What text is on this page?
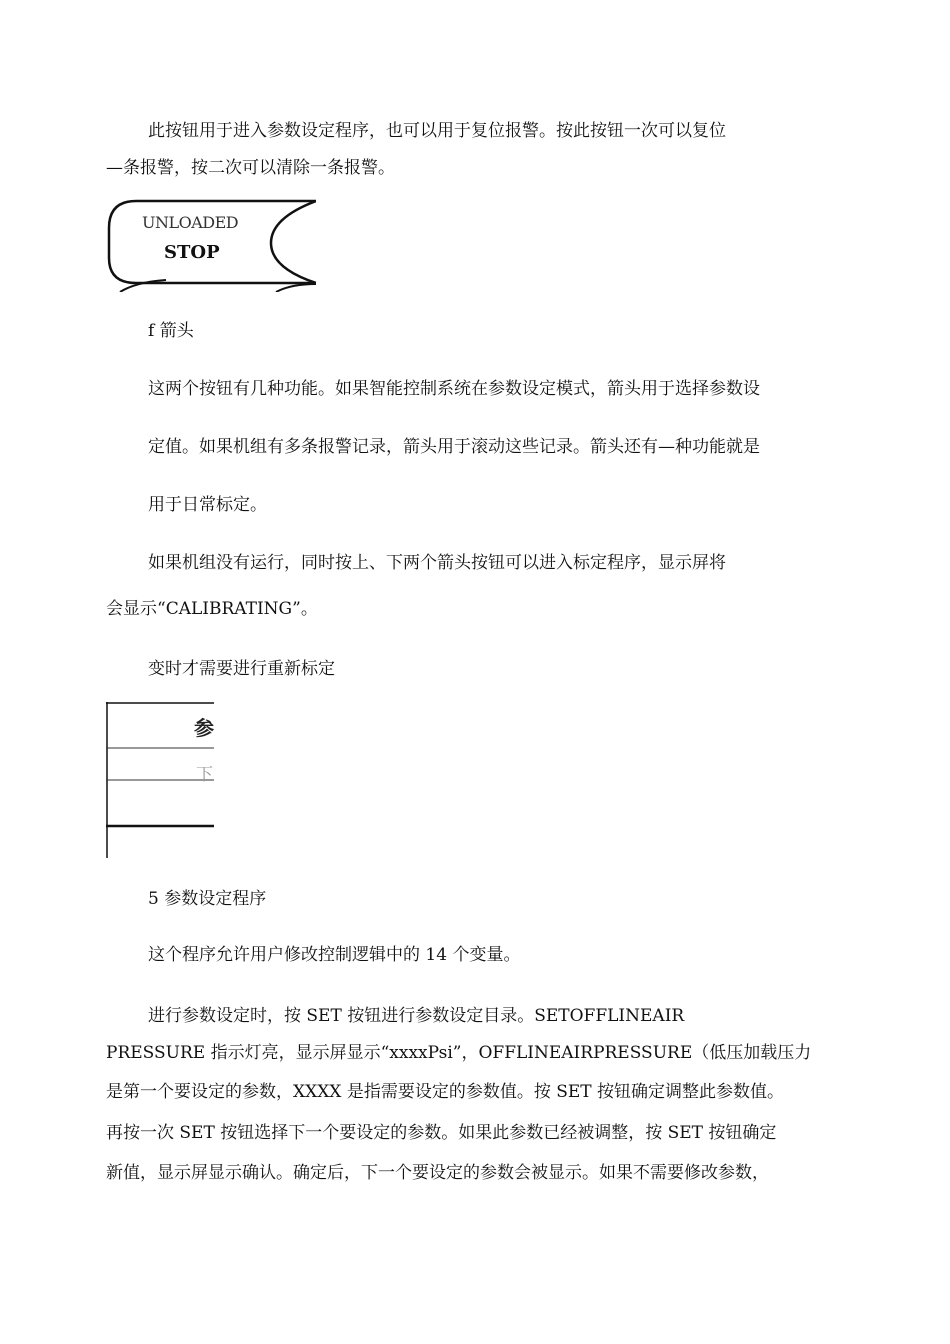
此按钮用于进入参数设定程序，也可以用于复位报警。按此按钮一次可以复位
—条报警，按二次可以清除一条报警。
UNLOADED
STOP
f 箭头
这两个按钮有几种功能。如果智能控制系统在参数设定模式，箭头用于选择参数设
定值。如果机组有多条报警记录，箭头用于滚动这些记录。箭头还有—种功能就是
用于日常标定。
如果机组没有运行，同时按上、下两个箭头按钮可以进入标定程序，显示屏将
会显示“CALIBRATING”。
变时才需要进行重新标定
参
下
5 参数设定程序
这个程序允许用户修改控制逻辑中的 14 个变量。
进行参数设定时，按 SET 按钮进行参数设定目录。SETOFFLINEAIR
PRESSURE 指示灯亮，显示屏显示“xxxxPsi”，OFFLINEAIRPRESSURE（低压加载压力
是第一个要设定的参数，XXXX 是指需要设定的参数值。按 SET 按钮确定调整此参数值。
再按一次 SET 按钮选择下一个要设定的参数。如果此参数已经被调整，按 SET 按钮确定
新值，显示屏显示确认。确定后，下一个要设定的参数会被显示。如果不需要修改参数，
